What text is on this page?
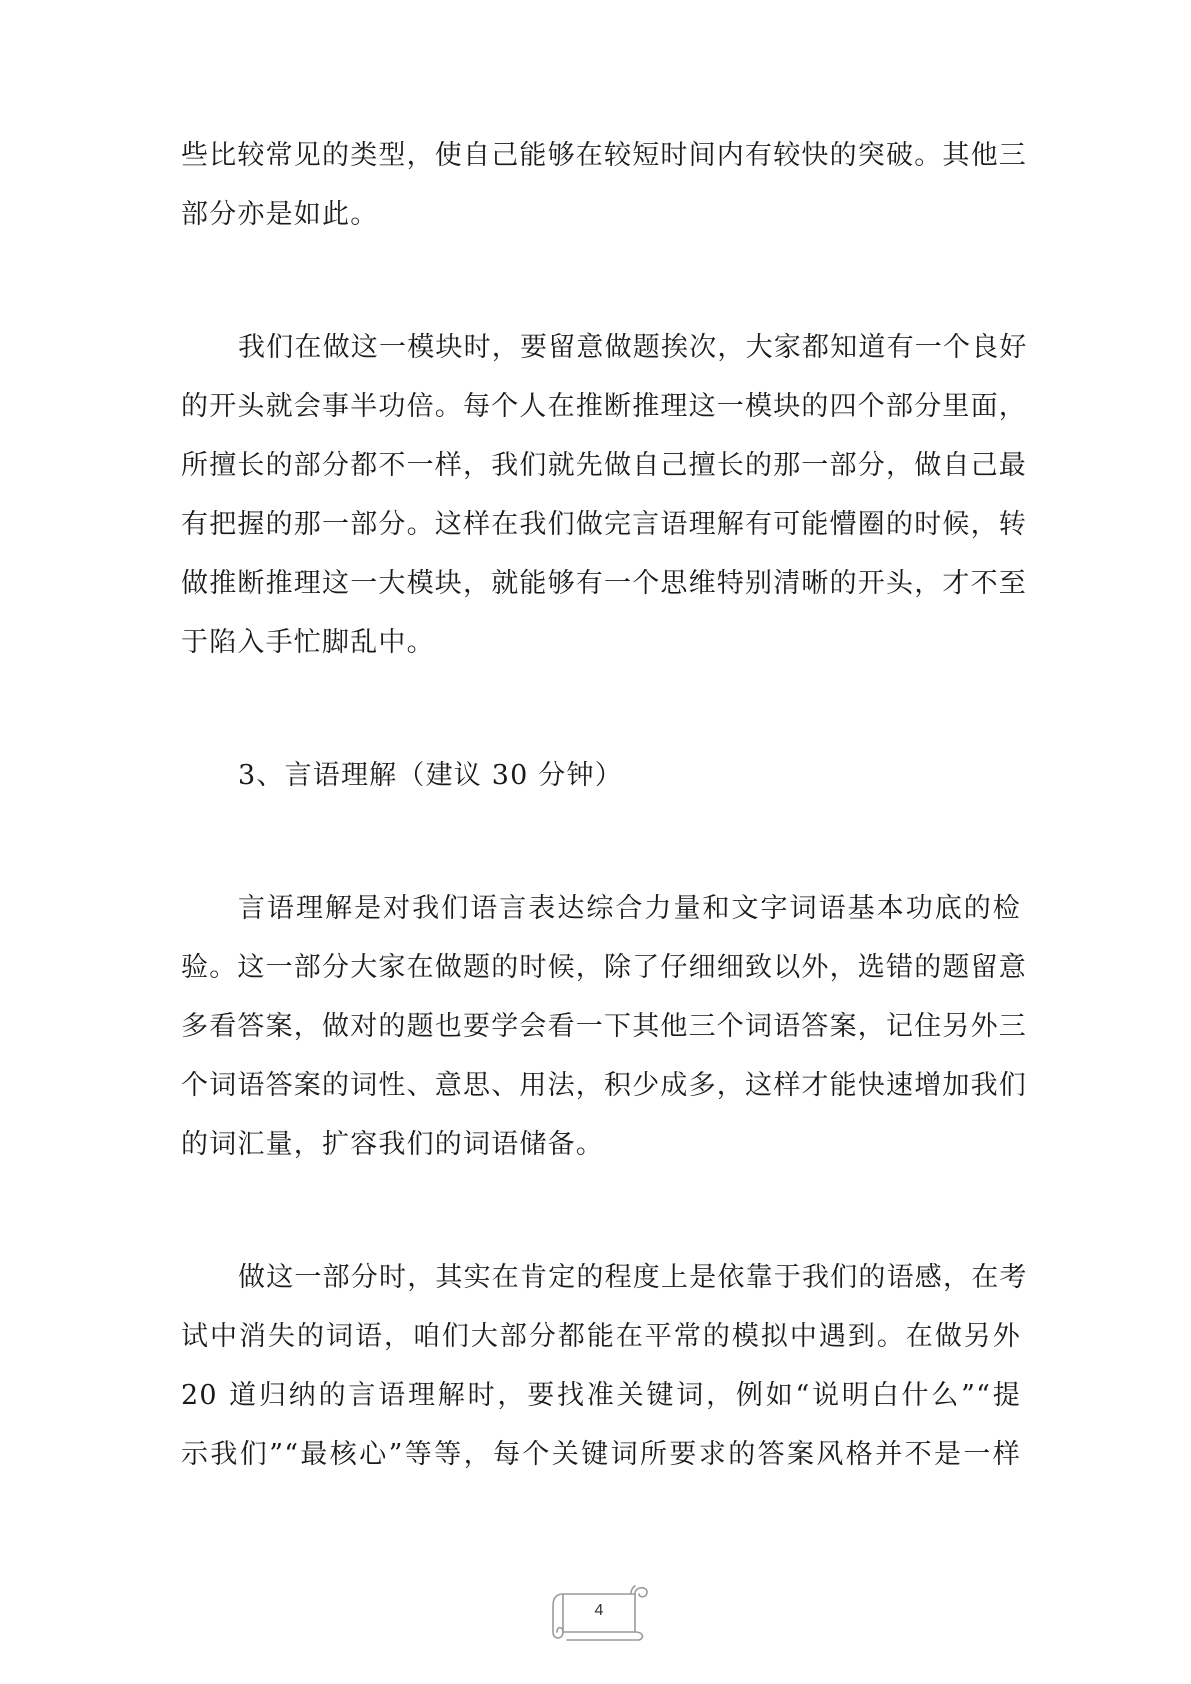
些比较常见的类型，使自己能够在较短时间内有较快的突破。其他三
部分亦是如此。
我们在做这一模块时，要留意做题挨次，大家都知道有一个良好
的开头就会事半功倍。每个人在推断推理这一模块的四个部分里面，
所擅长的部分都不一样，我们就先做自己擅长的那一部分，做自己最
有把握的那一部分。这样在我们做完言语理解有可能懵圈的时候，转
做推断推理这一大模块，就能够有一个思维特别清晰的开头，才不至
于陷入手忙脚乱中。
3、言语理解（建议 30 分钟）
言语理解是对我们语言表达综合力量和文字词语基本功底的检
验。这一部分大家在做题的时候，除了仔细细致以外，选错的题留意
多看答案，做对的题也要学会看一下其他三个词语答案，记住另外三
个词语答案的词性、意思、用法，积少成多，这样才能快速增加我们
的词汇量，扩容我们的词语储备。
做这一部分时，其实在肯定的程度上是依靠于我们的语感，在考
试中消失的词语，咱们大部分都能在平常的模拟中遇到。在做另外
20 道归纳的言语理解时，要找准关键词，例如“说明白什么”“提
示我们”“最核心”等等，每个关键词所要求的答案风格并不是一样
4
